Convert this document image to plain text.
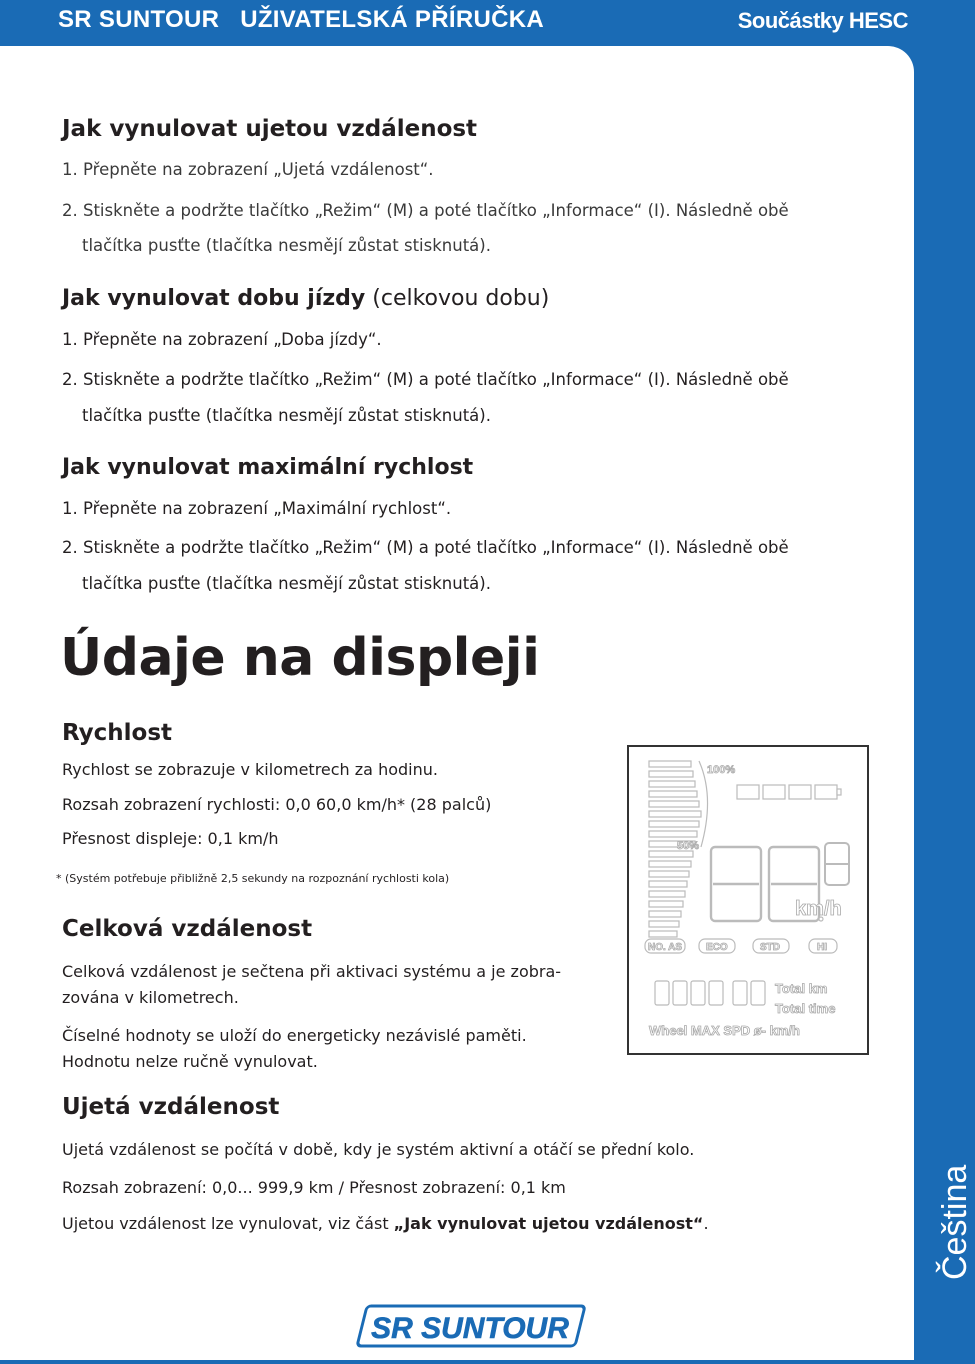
SR SUNTOUR UŽIVATELSKÁ PŘÍRUČKA	Součástky HESC
Jak vynulovat ujetou vzdálenost
1. Přepněte na zobrazení „Ujetá vzdálenost“.
2. Stiskněte a podržte tlačítko „Režim“ (M) a poté tlačítko „Informace“ (I). Následně obě
tlačítka pusťte (tlačítka nesmějí zůstat stisknutá).
Jak vynulovat dobu jízdy (celkovou dobu)
1. Přepněte na zobrazení „Doba jízdy“.
2. Stiskněte a podržte tlačítko „Režim“ (M) a poté tlačítko „Informace“ (I). Následně obě
tlačítka pusťte (tlačítka nesmějí zůstat stisknutá).
Jak vynulovat maximální rychlost
1. Přepněte na zobrazení „Maximální rychlost“.
2. Stiskněte a podržte tlačítko „Režim“ (M) a poté tlačítko „Informace“ (I). Následně obě
tlačítka pusťte (tlačítka nesmějí zůstat stisknutá).
Údaje na displeji
Rychlost
Rychlost se zobrazuje v kilometrech za hodinu.
Rozsah zobrazení rychlosti: 0,0 60,0 km/h* (28 palců)
Přesnost displeje: 0,1 km/h
* (Systém potřebuje přibližně 2,5 sekundy na rozpoznání rychlosti kola)
Celková vzdálenost
Celková vzdálenost je sečtena při aktivaci systému a je zobra-
zována v kilometrech.
Číselné hodnoty se uloží do energeticky nezávislé paměti.
Hodnotu nelze ručně vynulovat.
Ujetá vzdálenost
Ujetá vzdálenost se počítá v době, kdy je systém aktivní a otáčí se přední kolo.
Rozsah zobrazení: 0,0... 999,9 km / Přesnost zobrazení: 0,1 km
Ujetou vzdálenost lze vynulovat, viz část „Jak vynulovat ujetou vzdálenost“.
100%
50%
km/h
NO. AS ECO	STD	HI
Total km
Total time
Wheel MAX SPD ø- km/h
SR SUNTOUR
Čeština
15
